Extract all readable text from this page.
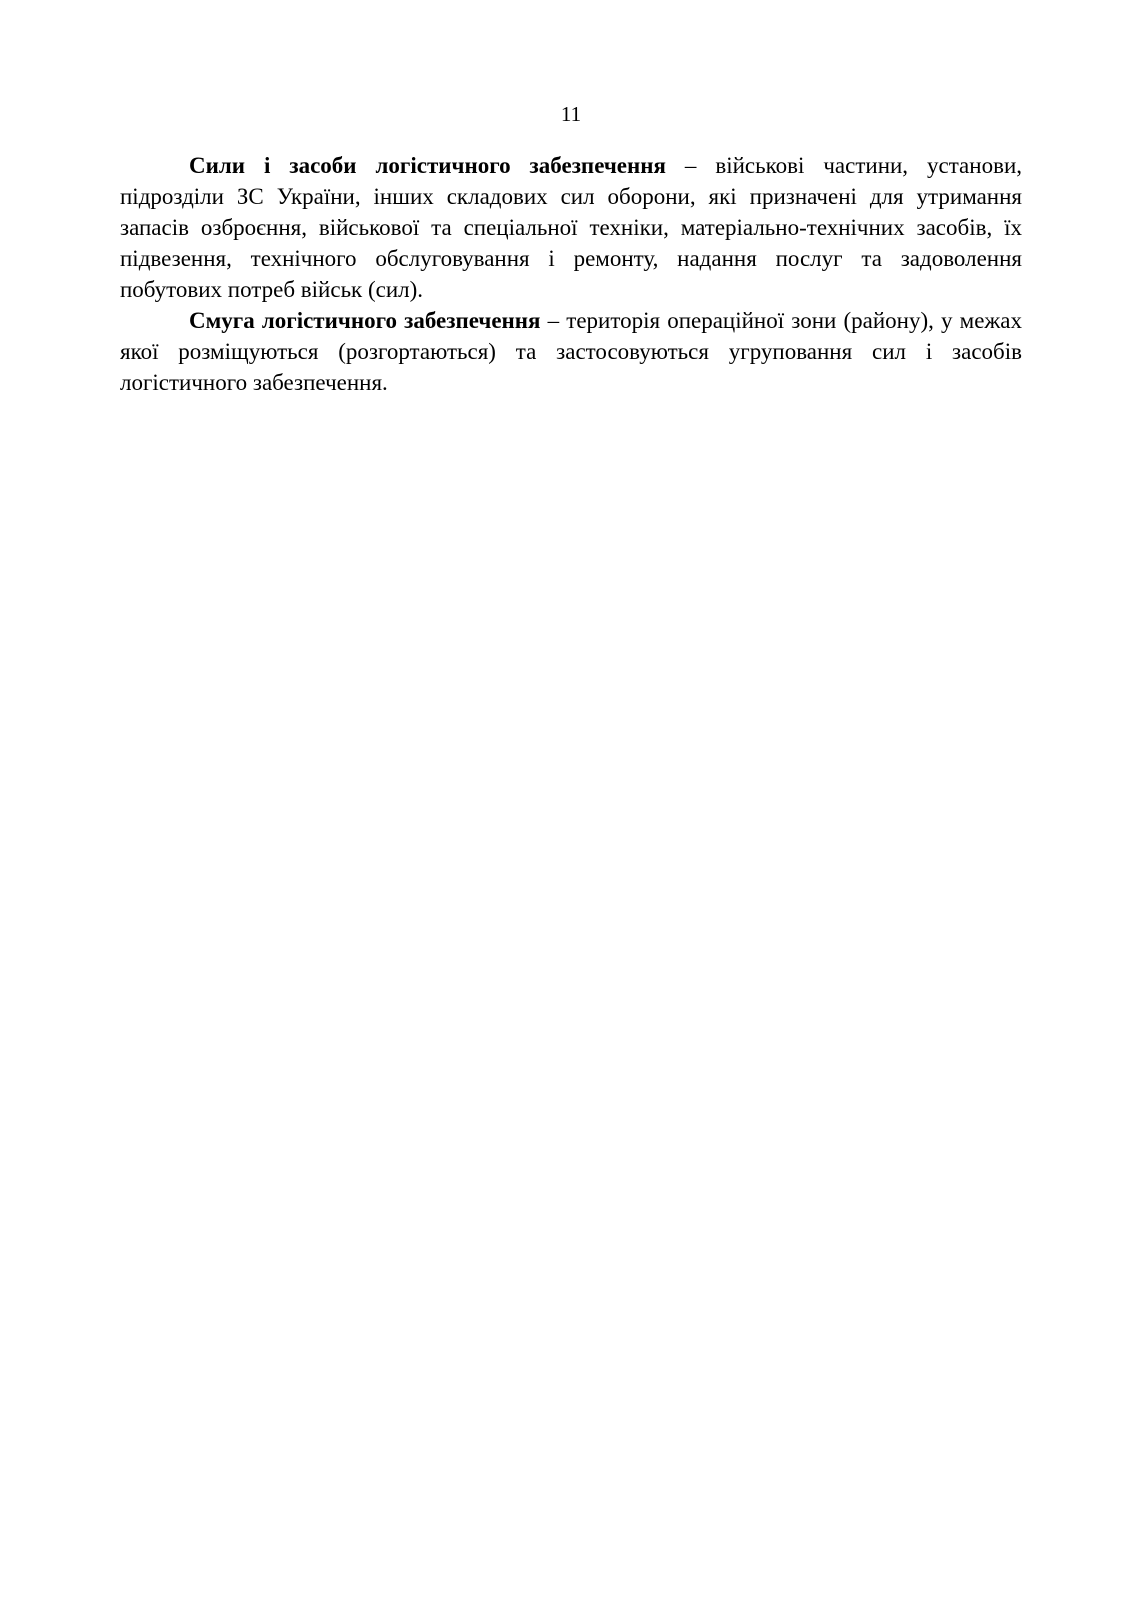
11

Сили і засоби логістичного забезпечення – військові частини, установи, підрозділи ЗС України, інших складових сил оборони, які призначені для утримання запасів озброєння, військової та спеціальної техніки, матеріально-технічних засобів, їх підвезення, технічного обслуговування і ремонту, надання послуг та задоволення побутових потреб військ (сил).

Смуга логістичного забезпечення – територія операційної зони (району), у межах якої розміщуються (розгортаються) та застосовуються угруповання сил і засобів логістичного забезпечення.
